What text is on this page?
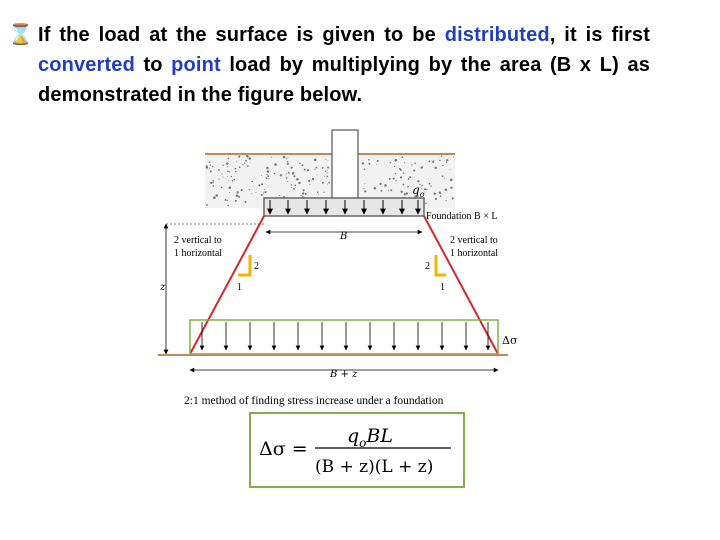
⌛ If the load at the surface is given to be distributed, it is first converted to point load by multiplying by the area (B x L) as demonstrated in the figure below.
$q_o$
Foundation B × L
B
z
2 vertical to 1 horizontal
2 vertical to 1 horizontal
2
1
2
1
Δσ
B + z
2:1 method of finding stress increase under a foundation
Δσ =
$q_oBL$
(B + z)(L + z)
